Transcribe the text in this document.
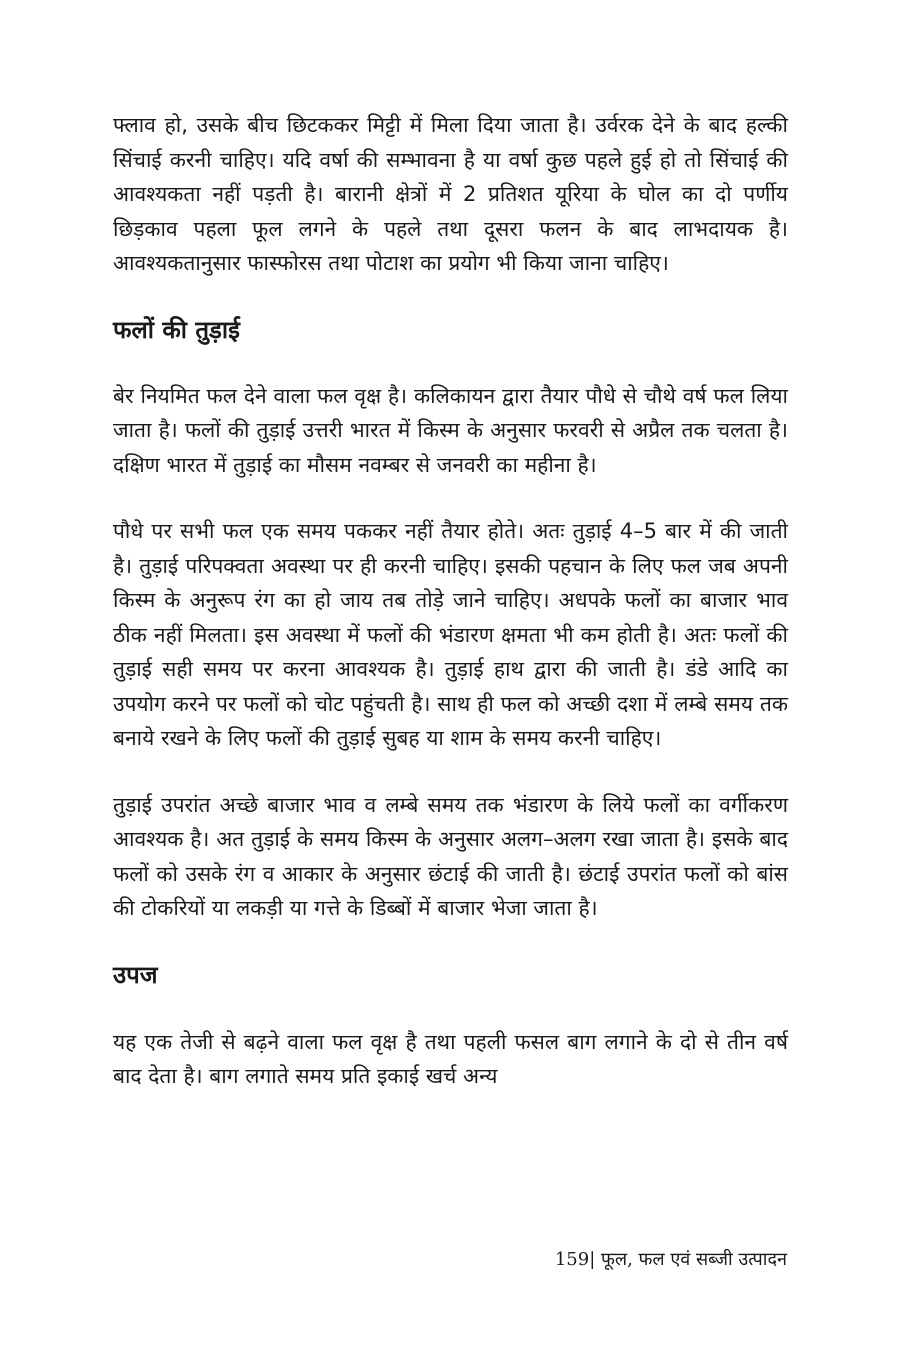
फ्लाव हो, उसके बीच छिटककर मिट्टी में मिला दिया जाता है। उर्वरक देने के बाद हल्की सिंचाई करनी चाहिए। यदि वर्षा की सम्भावना है या वर्षा कुछ पहले हुई हो तो सिंचाई की आवश्यकता नहीं पड़ती है। बारानी क्षेत्रों में 2 प्रतिशत यूरिया के घोल का दो पर्णीय छिड़काव पहला फूल लगने के पहले तथा दूसरा फलन के बाद लाभदायक है। आवश्यकतानुसार फास्फोरस तथा पोटाश का प्रयोग भी किया जाना चाहिए।

फलों की तुड़ाई

बेर नियमित फल देने वाला फल वृक्ष है। कलिकायन द्वारा तैयार पौधे से चौथे वर्ष फल लिया जाता है। फलों की तुड़ाई उत्तरी भारत में किस्म के अनुसार फरवरी से अप्रैल तक चलता है। दक्षिण भारत में तुड़ाई का मौसम नवम्बर से जनवरी का महीना है।

पौधे पर सभी फल एक समय पककर नहीं तैयार होते। अतः तुड़ाई 4–5 बार में की जाती है। तुड़ाई परिपक्वता अवस्था पर ही करनी चाहिए। इसकी पहचान के लिए फल जब अपनी किस्म के अनुरूप रंग का हो जाय तब तोड़े जाने चाहिए। अधपके फलों का बाजार भाव ठीक नहीं मिलता। इस अवस्था में फलों की भंडारण क्षमता भी कम होती है। अतः फलों की तुड़ाई सही समय पर करना आवश्यक है। तुड़ाई हाथ द्वारा की जाती है। डंडे आदि का उपयोग करने पर फलों को चोट पहुंचती है। साथ ही फल को अच्छी दशा में लम्बे समय तक बनाये रखने के लिए फलों की तुड़ाई सुबह या शाम के समय करनी चाहिए।

तुड़ाई उपरांत अच्छे बाजार भाव व लम्बे समय तक भंडारण के लिये फलों का वर्गीकरण आवश्यक है। अत तुड़ाई के समय किस्म के अनुसार अलग–अलग रखा जाता है। इसके बाद फलों को उसके रंग व आकार के अनुसार छंटाई की जाती है। छंटाई उपरांत फलों को बांस की टोकरियों या लकड़ी या गत्ते के डिब्बों में बाजार भेजा जाता है।

उपज

यह एक तेजी से बढ़ने वाला फल वृक्ष है तथा पहली फसल बाग लगाने के दो से तीन वर्ष बाद देता है। बाग लगाते समय प्रति इकाई खर्च अन्य

159| फूल, फल एवं सब्जी उत्पादन
